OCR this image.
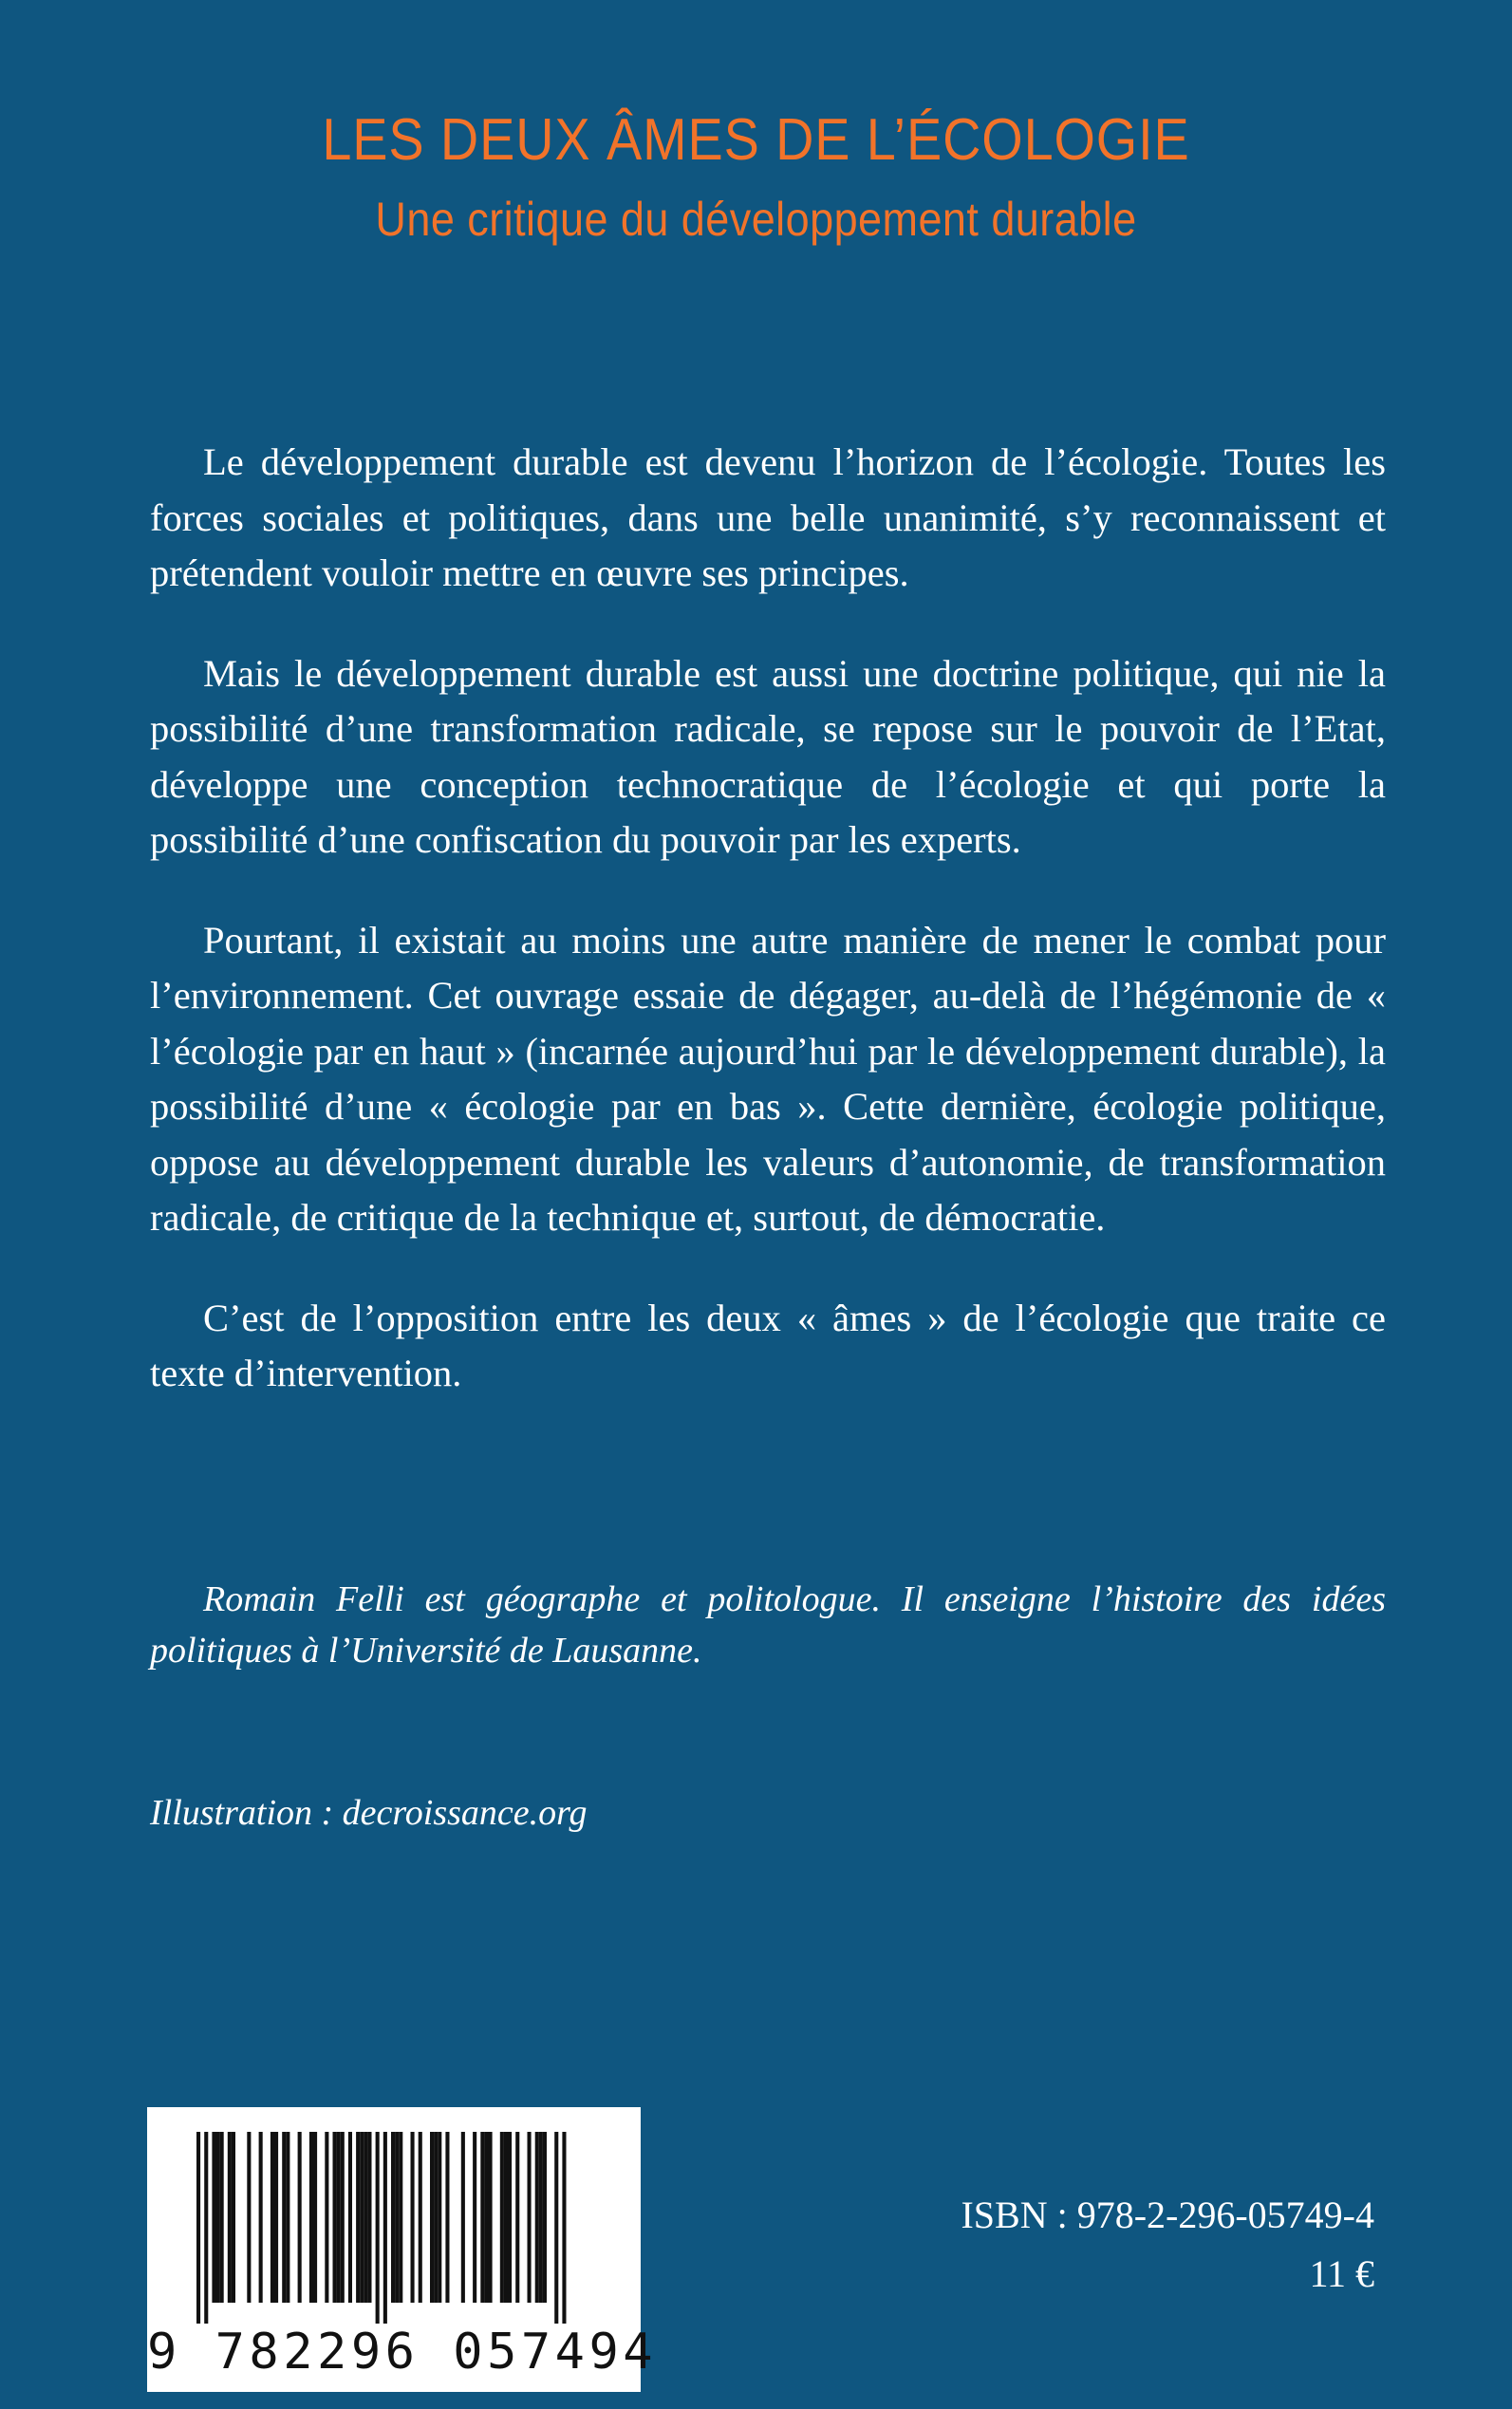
LES DEUX ÂMES DE L’ÉCOLOGIE
Une critique du développement durable

Le développement durable est devenu l’horizon de l’écologie. Toutes les forces sociales et politiques, dans une belle unanimité, s’y reconnaissent et prétendent vouloir mettre en œuvre ses principes.

Mais le développement durable est aussi une doctrine politique, qui nie la possibilité d’une transformation radicale, se repose sur le pouvoir de l’Etat, développe une conception technocratique de l’écologie et qui porte la possibilité d’une confiscation du pouvoir par les experts.

Pourtant, il existait au moins une autre manière de mener le combat pour l’environnement. Cet ouvrage essaie de dégager, au-delà de l’hégémonie de « l’écologie par en haut » (incarnée aujourd’hui par le développement durable), la possibilité d’une « écologie par en bas ». Cette dernière, écologie politique, oppose au développement durable les valeurs d’autonomie, de transformation radicale, de critique de la technique et, surtout, de démocratie.

C’est de l’opposition entre les deux « âmes » de l’écologie que traite ce texte d’intervention.

Romain Felli est géographe et politologue. Il enseigne l’histoire des idées politiques à l’Université de Lausanne.
Illustration : decroissance.org
9 782296 057494
ISBN : 978-2-296-05749-4
11 €
